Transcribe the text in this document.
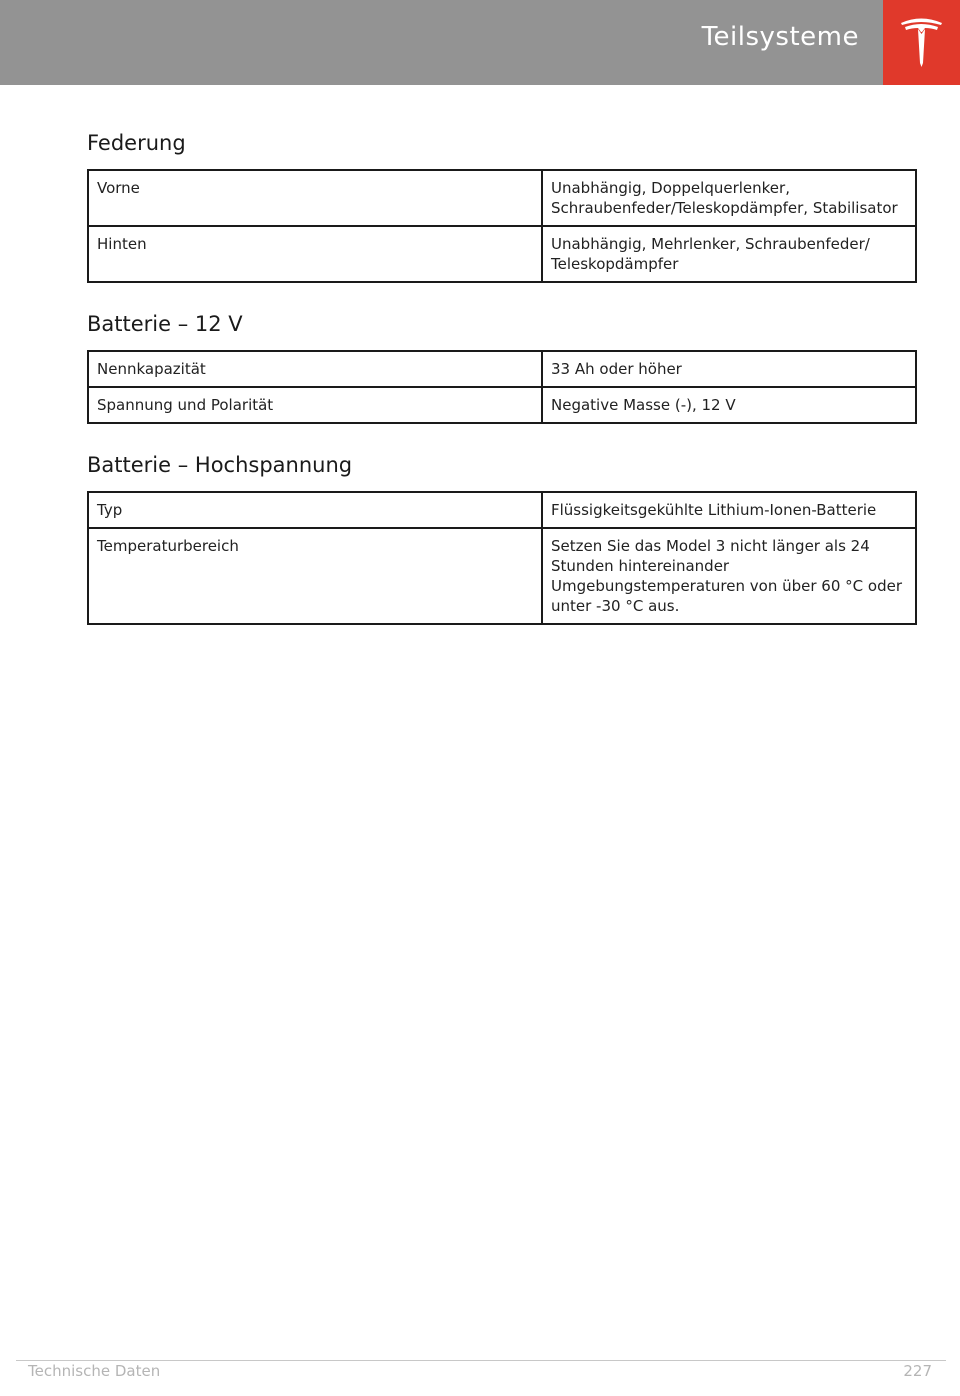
Teilsysteme
Federung
Vorne	Unabhängig, Doppelquerlenker, Schraubenfeder/Teleskopdämpfer, Stabilisator
Hinten	Unabhängig, Mehrlenker, Schraubenfeder/ Teleskopdämpfer
Batterie – 12 V
Nennkapazität	33 Ah oder höher
Spannung und Polarität	Negative Masse (-), 12 V
Batterie – Hochspannung
Typ	Flüssigkeitsgekühlte Lithium-Ionen-Batterie
Temperaturbereich	Setzen Sie das Model 3 nicht länger als 24 Stunden hintereinander Umgebungstemperaturen von über 60 °C oder unter -30 °C aus.
Technische Daten	227
